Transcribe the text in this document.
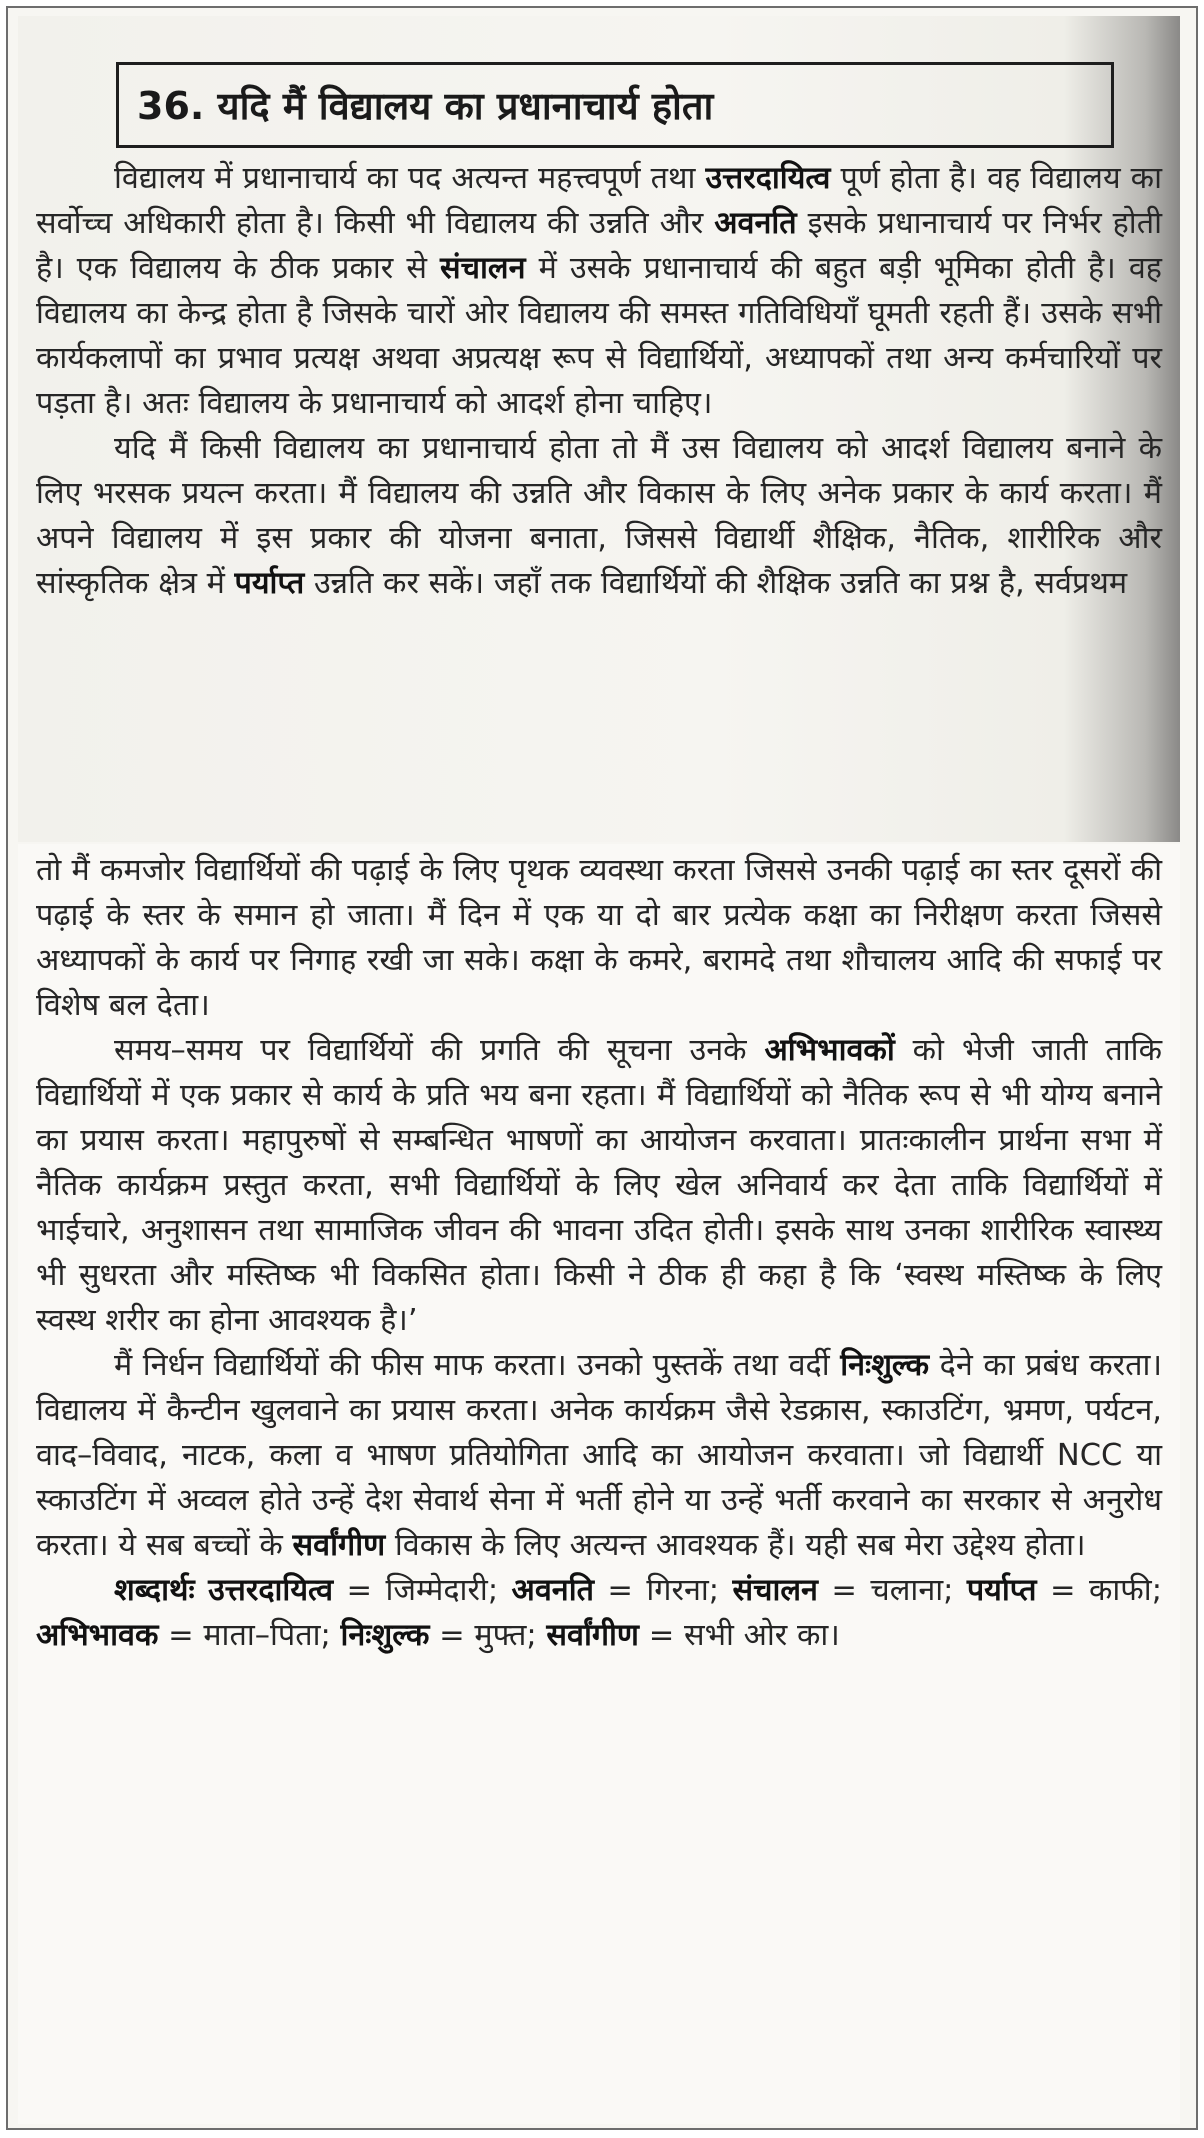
36. यदि मैं विद्यालय का प्रधानाचार्य होता

विद्यालय में प्रधानाचार्य का पद अत्यन्त महत्त्वपूर्ण तथा उत्तरदायित्व पूर्ण होता है। वह विद्यालय का सर्वोच्च अधिकारी होता है। किसी भी विद्यालय की उन्नति और अवनति इसके प्रधानाचार्य पर निर्भर होती है। एक विद्यालय के ठीक प्रकार से संचालन में उसके प्रधानाचार्य की बहुत बड़ी भूमिका होती है। वह विद्यालय का केन्द्र होता है जिसके चारों ओर विद्यालय की समस्त गतिविधियाँ घूमती रहती हैं। उसके सभी कार्यकलापों का प्रभाव प्रत्यक्ष अथवा अप्रत्यक्ष रूप से विद्यार्थियों, अध्यापकों तथा अन्य कर्मचारियों पर पड़ता है। अतः विद्यालय के प्रधानाचार्य को आदर्श होना चाहिए।

यदि मैं किसी विद्यालय का प्रधानाचार्य होता तो मैं उस विद्यालय को आदर्श विद्यालय बनाने के लिए भरसक प्रयत्न करता। मैं विद्यालय की उन्नति और विकास के लिए अनेक प्रकार के कार्य करता। मैं अपने विद्यालय में इस प्रकार की योजना बनाता, जिससे विद्यार्थी शैक्षिक, नैतिक, शारीरिक और सांस्कृतिक क्षेत्र में पर्याप्त उन्नति कर सकें। जहाँ तक विद्यार्थियों की शैक्षिक उन्नति का प्रश्न है, सर्वप्रथम

तो मैं कमजोर विद्यार्थियों की पढ़ाई के लिए पृथक व्यवस्था करता जिससे उनकी पढ़ाई का स्तर दूसरों की पढ़ाई के स्तर के समान हो जाता। मैं दिन में एक या दो बार प्रत्येक कक्षा का निरीक्षण करता जिससे अध्यापकों के कार्य पर निगाह रखी जा सके। कक्षा के कमरे, बरामदे तथा शौचालय आदि की सफाई पर विशेष बल देता।

समय–समय पर विद्यार्थियों की प्रगति की सूचना उनके अभिभावकों को भेजी जाती ताकि विद्यार्थियों में एक प्रकार से कार्य के प्रति भय बना रहता। मैं विद्यार्थियों को नैतिक रूप से भी योग्य बनाने का प्रयास करता। महापुरुषों से सम्बन्धित भाषणों का आयोजन करवाता। प्रातःकालीन प्रार्थना सभा में नैतिक कार्यक्रम प्रस्तुत करता, सभी विद्यार्थियों के लिए खेल अनिवार्य कर देता ताकि विद्यार्थियों में भाईचारे, अनुशासन तथा सामाजिक जीवन की भावना उदित होती। इसके साथ उनका शारीरिक स्वास्थ्य भी सुधरता और मस्तिष्क भी विकसित होता। किसी ने ठीक ही कहा है कि ‘स्वस्थ मस्तिष्क के लिए स्वस्थ शरीर का होना आवश्यक है।’

मैं निर्धन विद्यार्थियों की फीस माफ करता। उनको पुस्तकें तथा वर्दी निःशुल्क देने का प्रबंध करता। विद्यालय में कैन्टीन खुलवाने का प्रयास करता। अनेक कार्यक्रम जैसे रेडक्रास, स्काउटिंग, भ्रमण, पर्यटन, वाद–विवाद, नाटक, कला व भाषण प्रतियोगिता आदि का आयोजन करवाता। जो विद्यार्थी NCC या स्काउटिंग में अव्वल होते उन्हें देश सेवार्थ सेना में भर्ती होने या उन्हें भर्ती करवाने का सरकार से अनुरोध करता। ये सब बच्चों के सर्वांगीण विकास के लिए अत्यन्त आवश्यक हैं। यही सब मेरा उद्देश्य होता।

शब्दार्थः उत्तरदायित्व = जिम्मेदारी; अवनति = गिरना; संचालन = चलाना; पर्याप्त = काफी; अभिभावक = माता–पिता; निःशुल्क = मुफ्त; सर्वांगीण = सभी ओर का।
